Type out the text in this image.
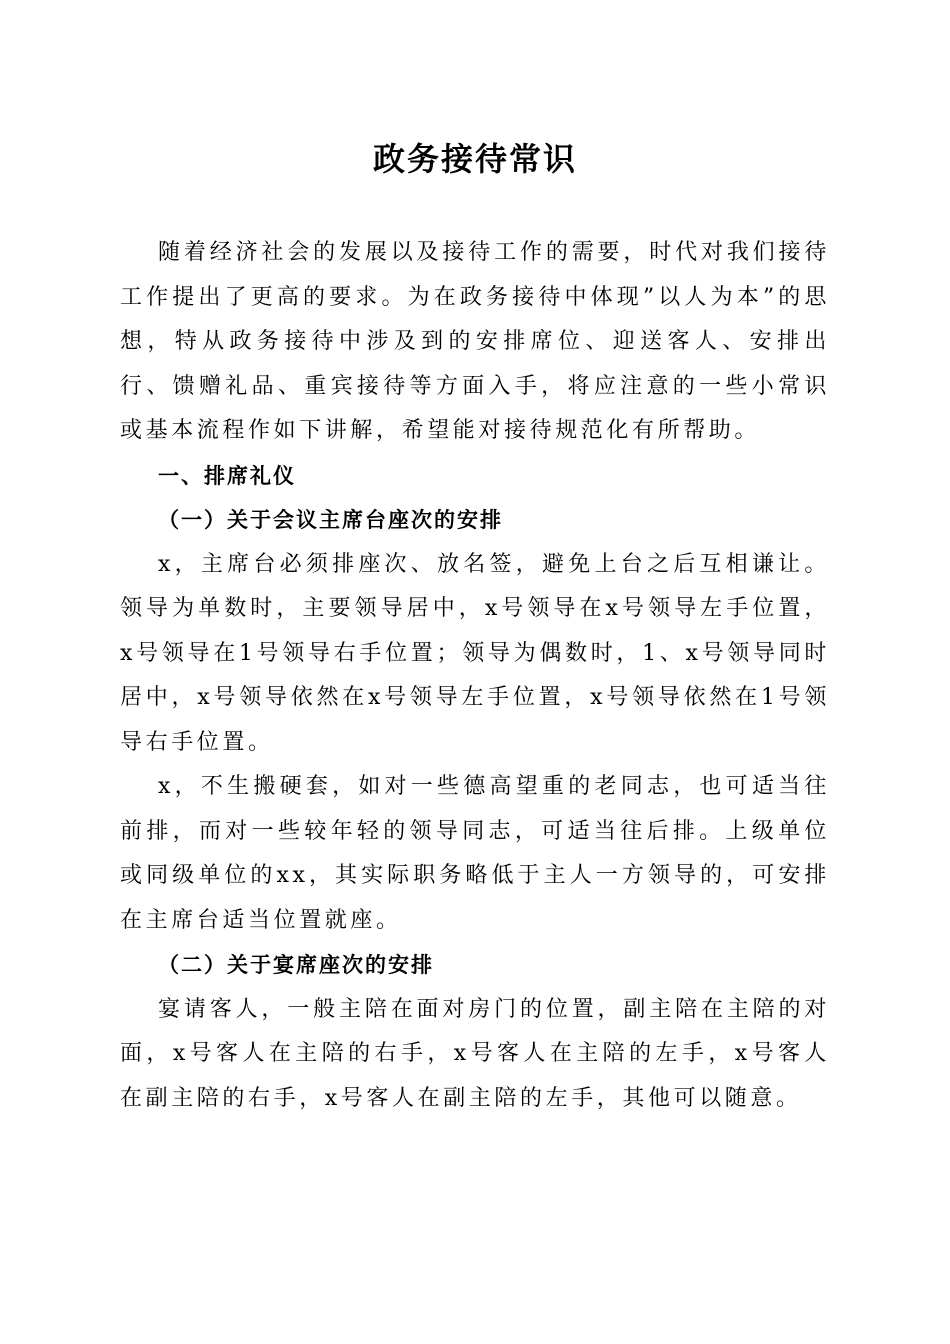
政务接待常识

随着经济社会的发展以及接待工作的需要，时代对我们接待工作提出了更高的要求。为在政务接待中体现”以人为本”的思想，特从政务接待中涉及到的安排席位、迎送客人、安排出行、馈赠礼品、重宾接待等方面入手，将应注意的一些小常识或基本流程作如下讲解，希望能对接待规范化有所帮助。

一、排席礼仪

（一）关于会议主席台座次的安排

x，主席台必须排座次、放名签，避免上台之后互相谦让。领导为单数时，主要领导居中，x号领导在x号领导左手位置，x号领导在1号领导右手位置；领导为偶数时，1、x号领导同时居中，x号领导依然在x号领导左手位置，x号领导依然在1号领导右手位置。

x，不生搬硬套，如对一些德高望重的老同志，也可适当往前排，而对一些较年轻的领导同志，可适当往后排。上级单位或同级单位的xx，其实际职务略低于主人一方领导的，可安排在主席台适当位置就座。

（二）关于宴席座次的安排

宴请客人，一般主陪在面对房门的位置，副主陪在主陪的对面，x号客人在主陪的右手，x号客人在主陪的左手，x号客人在副主陪的右手，x号客人在副主陪的左手，其他可以随意。
